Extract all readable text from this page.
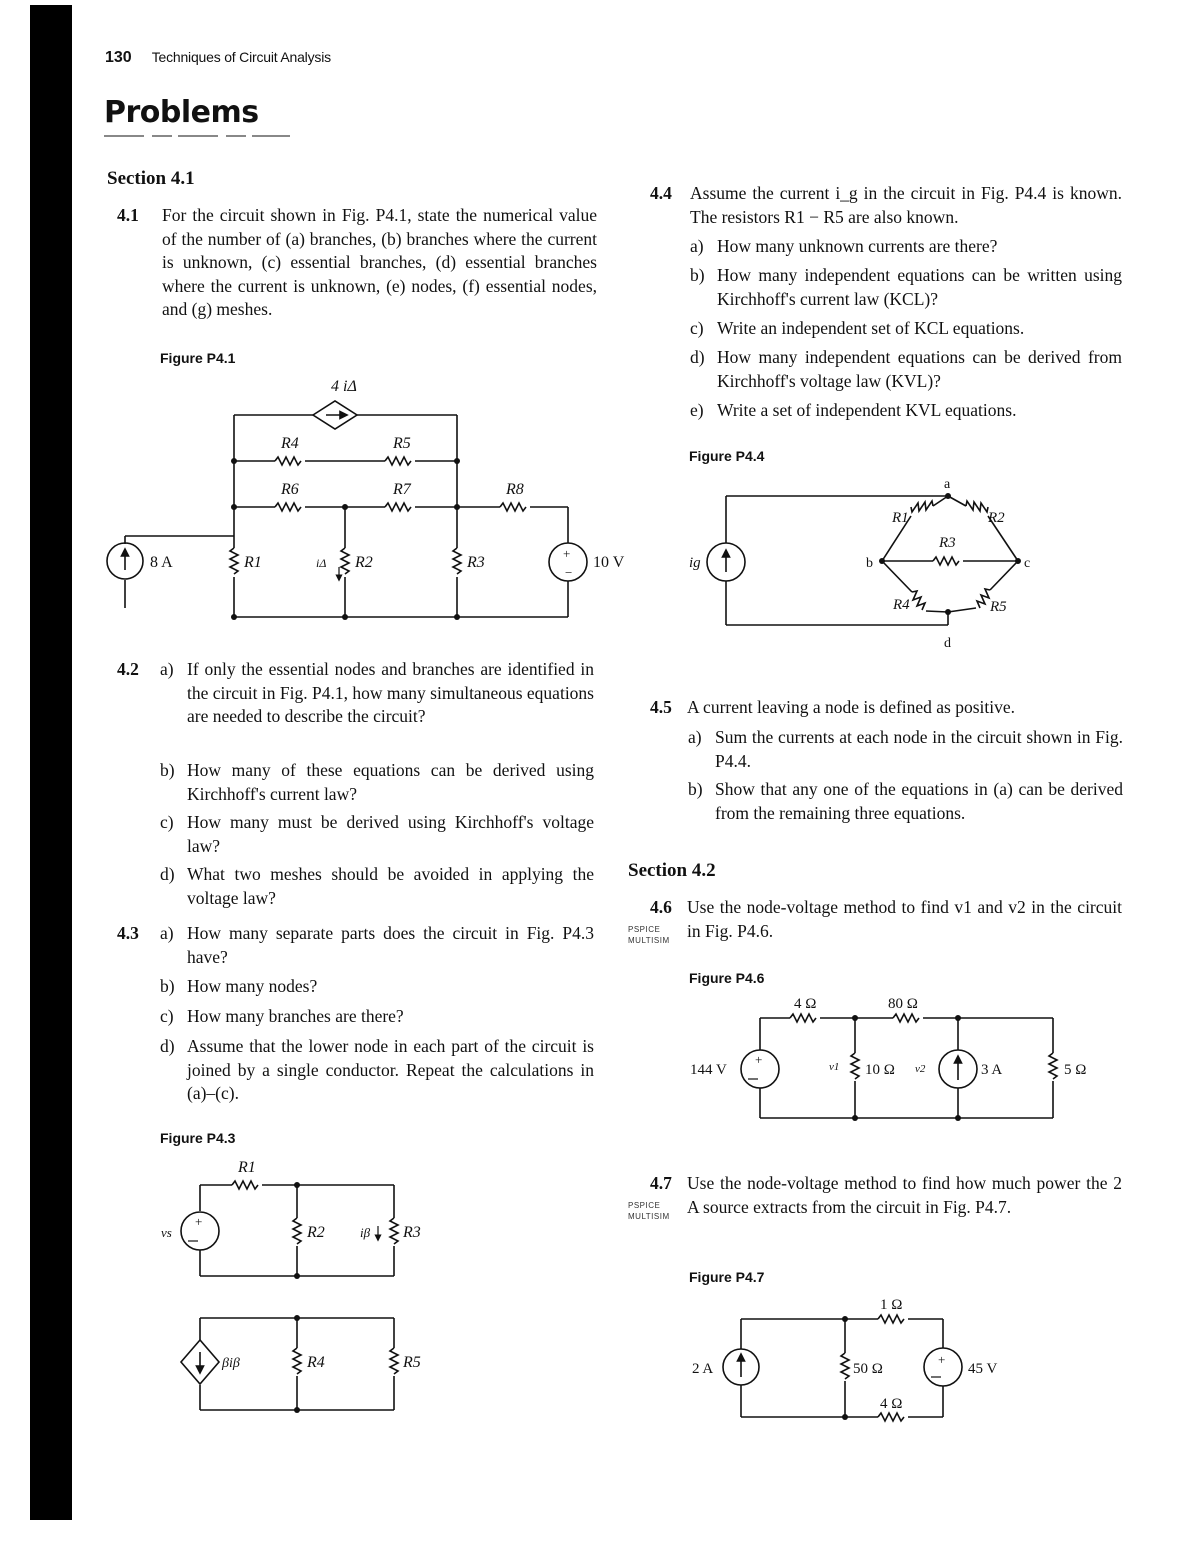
130 Techniques of Circuit Analysis
Problems
Section 4.1
4.1 For the circuit shown in Fig. P4.1, state the numerical value of the number of (a) branches, (b) branches where the current is unknown, (c) essential branches, (d) essential branches where the current is unknown, (e) nodes, (f) essential nodes, and (g) meshes.
Figure P4.1
4.2 a) If only the essential nodes and branches are identified in the circuit in Fig. P4.1, how many simultaneous equations are needed to describe the circuit?
b) How many of these equations can be derived using Kirchhoff's current law?
c) How many must be derived using Kirchhoff's voltage law?
d) What two meshes should be avoided in applying the voltage law?
4.3 a) How many separate parts does the circuit in Fig. P4.3 have?
b) How many nodes?
c) How many branches are there?
d) Assume that the lower node in each part of the circuit is joined by a single conductor. Repeat the calculations in (a)–(c).
Figure P4.3
4.4 Assume the current i_g in the circuit in Fig. P4.4 is known. The resistors R1 − R5 are also known.
a) How many unknown currents are there?
b) How many independent equations can be written using Kirchhoff's current law (KCL)?
c) Write an independent set of KCL equations.
d) How many independent equations can be derived from Kirchhoff's voltage law (KVL)?
e) Write a set of independent KVL equations.
Figure P4.4
4.5 A current leaving a node is defined as positive.
a) Sum the currents at each node in the circuit shown in Fig. P4.4.
b) Show that any one of the equations in (a) can be derived from the remaining three equations.
Section 4.2
4.6 Use the node-voltage method to find v1 and v2 in the circuit in Fig. P4.6.
PSPICE
MULTISIM
Figure P4.6
4.7 Use the node-voltage method to find how much power the 2 A source extracts from the circuit in Fig. P4.7.
PSPICE
MULTISIM
Figure P4.7
+
−
+
+
+
4 iΔ
R4	R5
R6	R7	R8
R1	R2	R3
iΔ
8 A	10 V
R1
R2	R3
R4	R5
vs	iβ
βiβ
a
b	c
d
R1	R2
R3
R4	R5
ig
4 Ω	80 Ω
10 Ω	5 Ω
144 V	3 A
v1	v2
1 Ω
50 Ω
4 Ω
2 A	45 V
